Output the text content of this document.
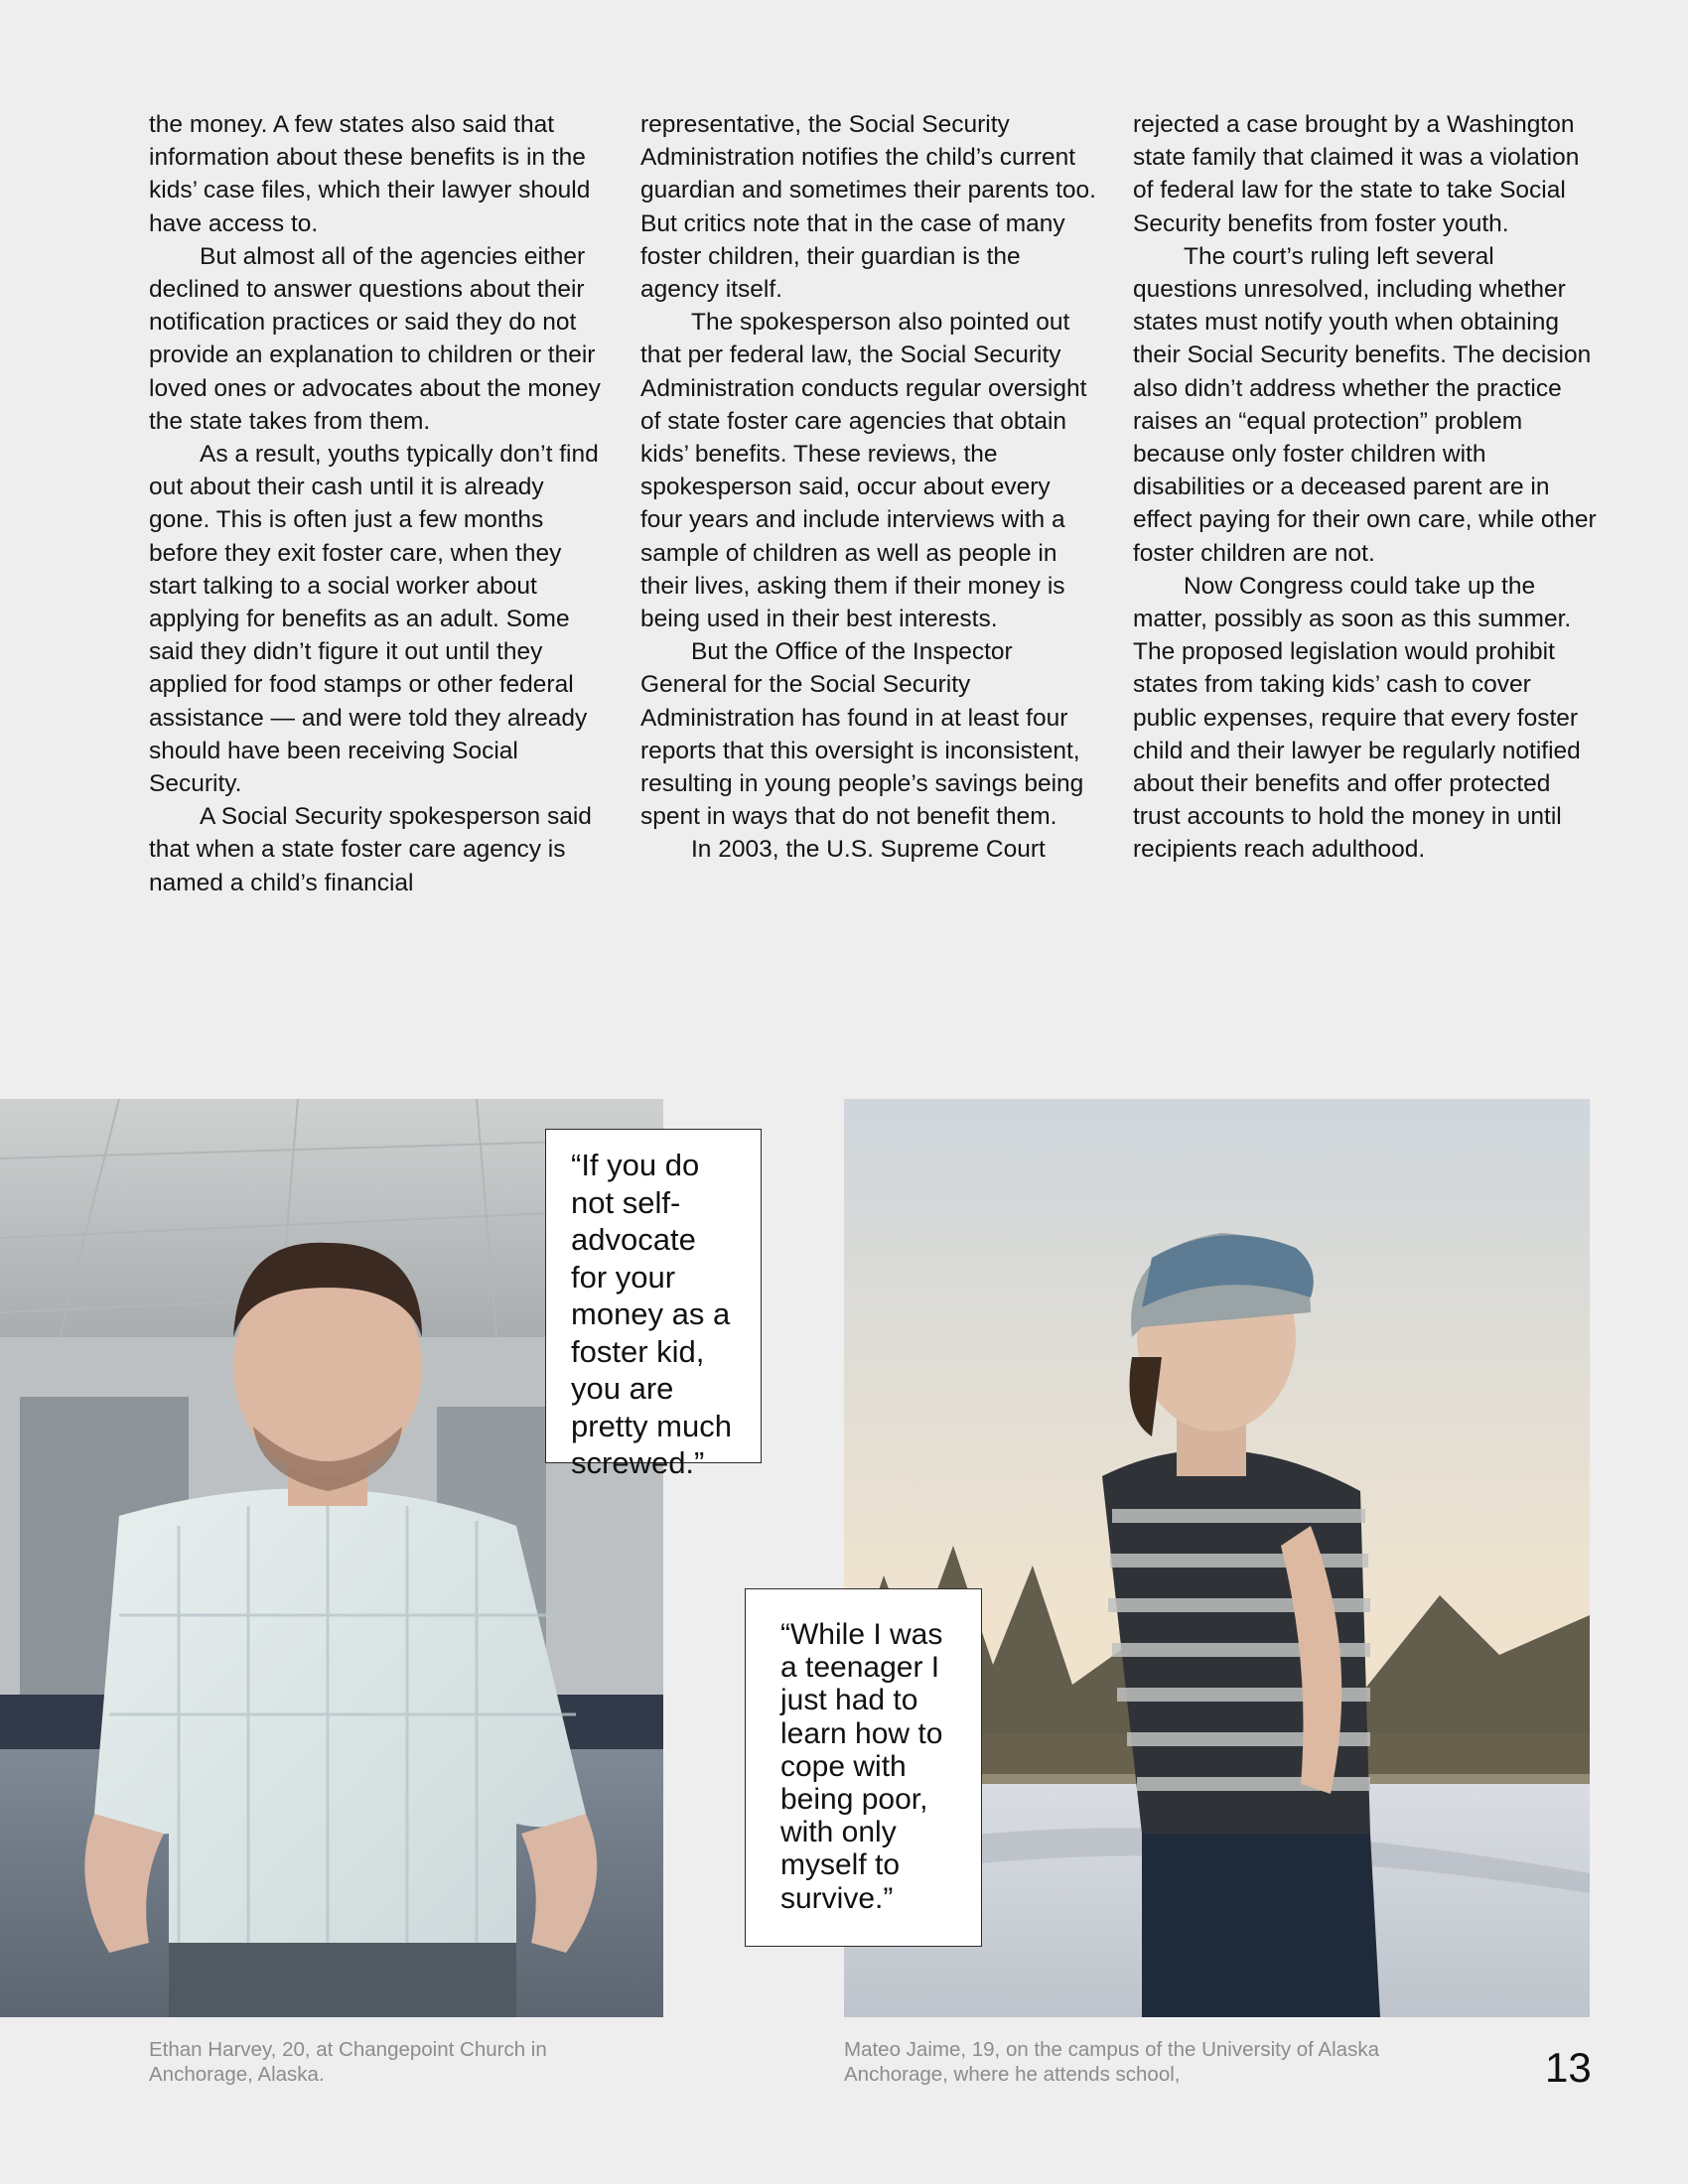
the money. A few states also said that information about these benefits is in the kids’ case files, which their lawyer should have access to.

But almost all of the agencies either declined to answer questions about their notification practices or said they do not provide an explanation to children or their loved ones or advocates about the money the state takes from them.

As a result, youths typically don’t find out about their cash until it is already gone. This is often just a few months before they exit foster care, when they start talking to a social worker about applying for benefits as an adult. Some said they didn’t figure it out until they applied for food stamps or other federal assistance — and were told they already should have been receiving Social Security.

A Social Security spokesperson said that when a state foster care agency is named a child’s financial

representative, the Social Security Administration notifies the child’s current guardian and sometimes their parents too. But critics note that in the case of many foster children, their guardian is the agency itself.

The spokesperson also pointed out that per federal law, the Social Security Administration conducts regular oversight of state foster care agencies that obtain kids’ benefits. These reviews, the spokesperson said, occur about every four years and include interviews with a sample of children as well as people in their lives, asking them if their money is being used in their best interests.

But the Office of the Inspector General for the Social Security Administration has found in at least four reports that this oversight is inconsistent, resulting in young people’s savings being spent in ways that do not benefit them.

In 2003, the U.S. Supreme Court

rejected a case brought by a Washington state family that claimed it was a violation of federal law for the state to take Social Security benefits from foster youth.

The court’s ruling left several questions unresolved, including whether states must notify youth when obtaining their Social Security benefits. The decision also didn’t address whether the practice raises an “equal protection” problem because only foster children with disabilities or a deceased parent are in effect paying for their own care, while other foster children are not.

Now Congress could take up the matter, possibly as soon as this summer. The proposed legislation would prohibit states from taking kids’ cash to cover public expenses, require that every foster child and their lawyer be regularly notified about their benefits and offer protected trust accounts to hold the money in until recipients reach adulthood.

“If you do not self-advocate for your money as a foster kid, you are pretty much screwed.”
“While I was a teenager I just had to learn how to cope with being poor, with only myself to survive.”
Ethan Harvey, 20, at Changepoint Church in Anchorage, Alaska.
Mateo Jaime, 19, on the campus of the University of Alaska Anchorage, where he attends school,	13
